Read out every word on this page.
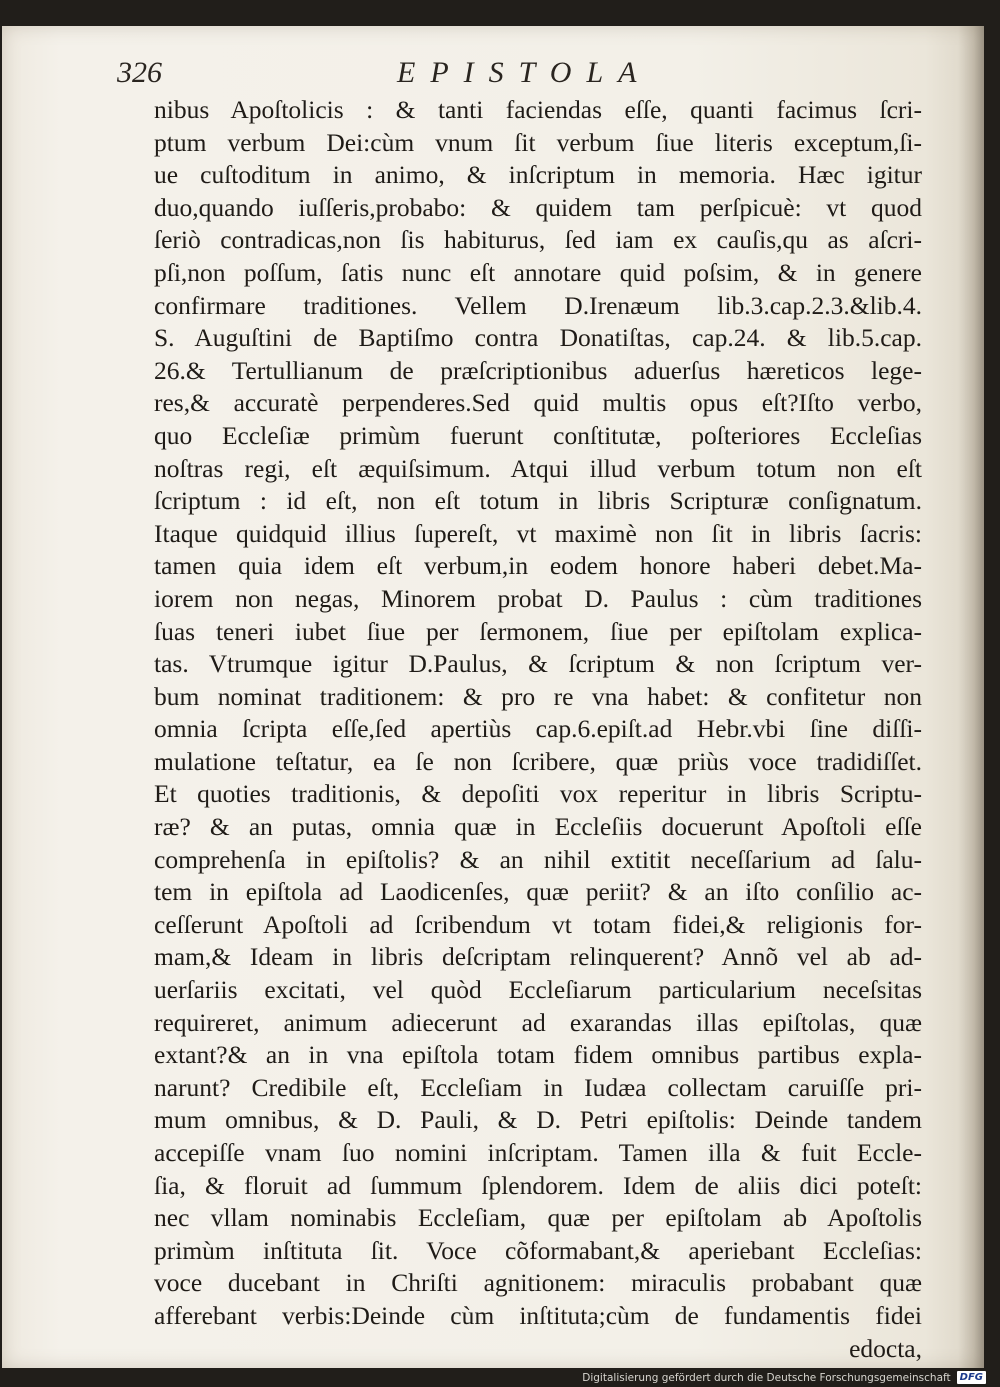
326	EPISTOLA
nibus Apoſtolicis : & tanti faciendas eſſe, quanti facimus ſcri-
ptum verbum Dei:cùm vnum ſit verbum ſiue literis exceptum,ſi-
ue cuſtoditum in animo, & inſcriptum in memoria. Hæc igitur
duo,quando iuſſeris,probabo: & quidem tam perſpicuè: vt quod
ſeriò contradicas,non ſis habiturus, ſed iam ex cauſis,qu as aſcri-
pſi,non poſſum, ſatis nunc eſt annotare quid poſsim, & in genere
confirmare traditiones. Vellem D.Irenæum lib.3.cap.2.3.&lib.4.
S. Auguſtini de Baptiſmo contra Donatiſtas, cap.24. & lib.5.cap.
26.& Tertullianum de præſcriptionibus aduerſus hæreticos lege-
res,& accuratè perpenderes.Sed quid multis opus eſt?Iſto verbo,
quo Eccleſiæ primùm fuerunt conſtitutæ, poſteriores Eccleſias
noſtras regi, eſt æquiſsimum. Atqui illud verbum totum non eſt
ſcriptum : id eſt, non eſt totum in libris Scripturæ conſignatum.
Itaque quidquid illius ſupereſt, vt maximè non ſit in libris ſacris:
tamen quia idem eſt verbum,in eodem honore haberi debet.Ma-
iorem non negas, Minorem probat D. Paulus : cùm traditiones
ſuas teneri iubet ſiue per ſermonem, ſiue per epiſtolam explica-
tas. Vtrumque igitur D.Paulus, & ſcriptum & non ſcriptum ver-
bum nominat traditionem: & pro re vna habet: & confitetur non
omnia ſcripta eſſe,ſed apertiùs cap.6.epiſt.ad Hebr.vbi ſine diſſi-
mulatione teſtatur, ea ſe non ſcribere, quæ priùs voce tradidiſſet.
Et quoties traditionis, & depoſiti vox reperitur in libris Scriptu-
ræ? & an putas, omnia quæ in Eccleſiis docuerunt Apoſtoli eſſe
comprehenſa in epiſtolis? & an nihil extitit neceſſarium ad ſalu-
tem in epiſtola ad Laodicenſes, quæ periit? & an iſto conſilio ac-
ceſſerunt Apoſtoli ad ſcribendum vt totam fidei,& religionis for-
mam,& Ideam in libris deſcriptam relinquerent? Annõ vel ab ad-
uerſariis excitati, vel quòd Eccleſiarum particularium neceſsitas
requireret, animum adiecerunt ad exarandas illas epiſtolas, quæ
extant?& an in vna epiſtola totam fidem omnibus partibus expla-
narunt? Credibile eſt, Eccleſiam in Iudæa collectam caruiſſe pri-
mum omnibus, & D. Pauli, & D. Petri epiſtolis: Deinde tandem
accepiſſe vnam ſuo nomini inſcriptam. Tamen illa & fuit Eccle-
ſia, & floruit ad ſummum ſplendorem. Idem de aliis dici poteſt:
nec vllam nominabis Eccleſiam, quæ per epiſtolam ab Apoſtolis
primùm inſtituta ſit. Voce cõformabant,& aperiebant Eccleſias:
voce ducebant in Chriſti agnitionem: miraculis probabant quæ
afferebant verbis:Deinde cùm inſtituta;cùm de fundamentis fidei
edocta,
Digitalisierung gefördert durch die Deutsche Forschungsgemeinschaft DFG
